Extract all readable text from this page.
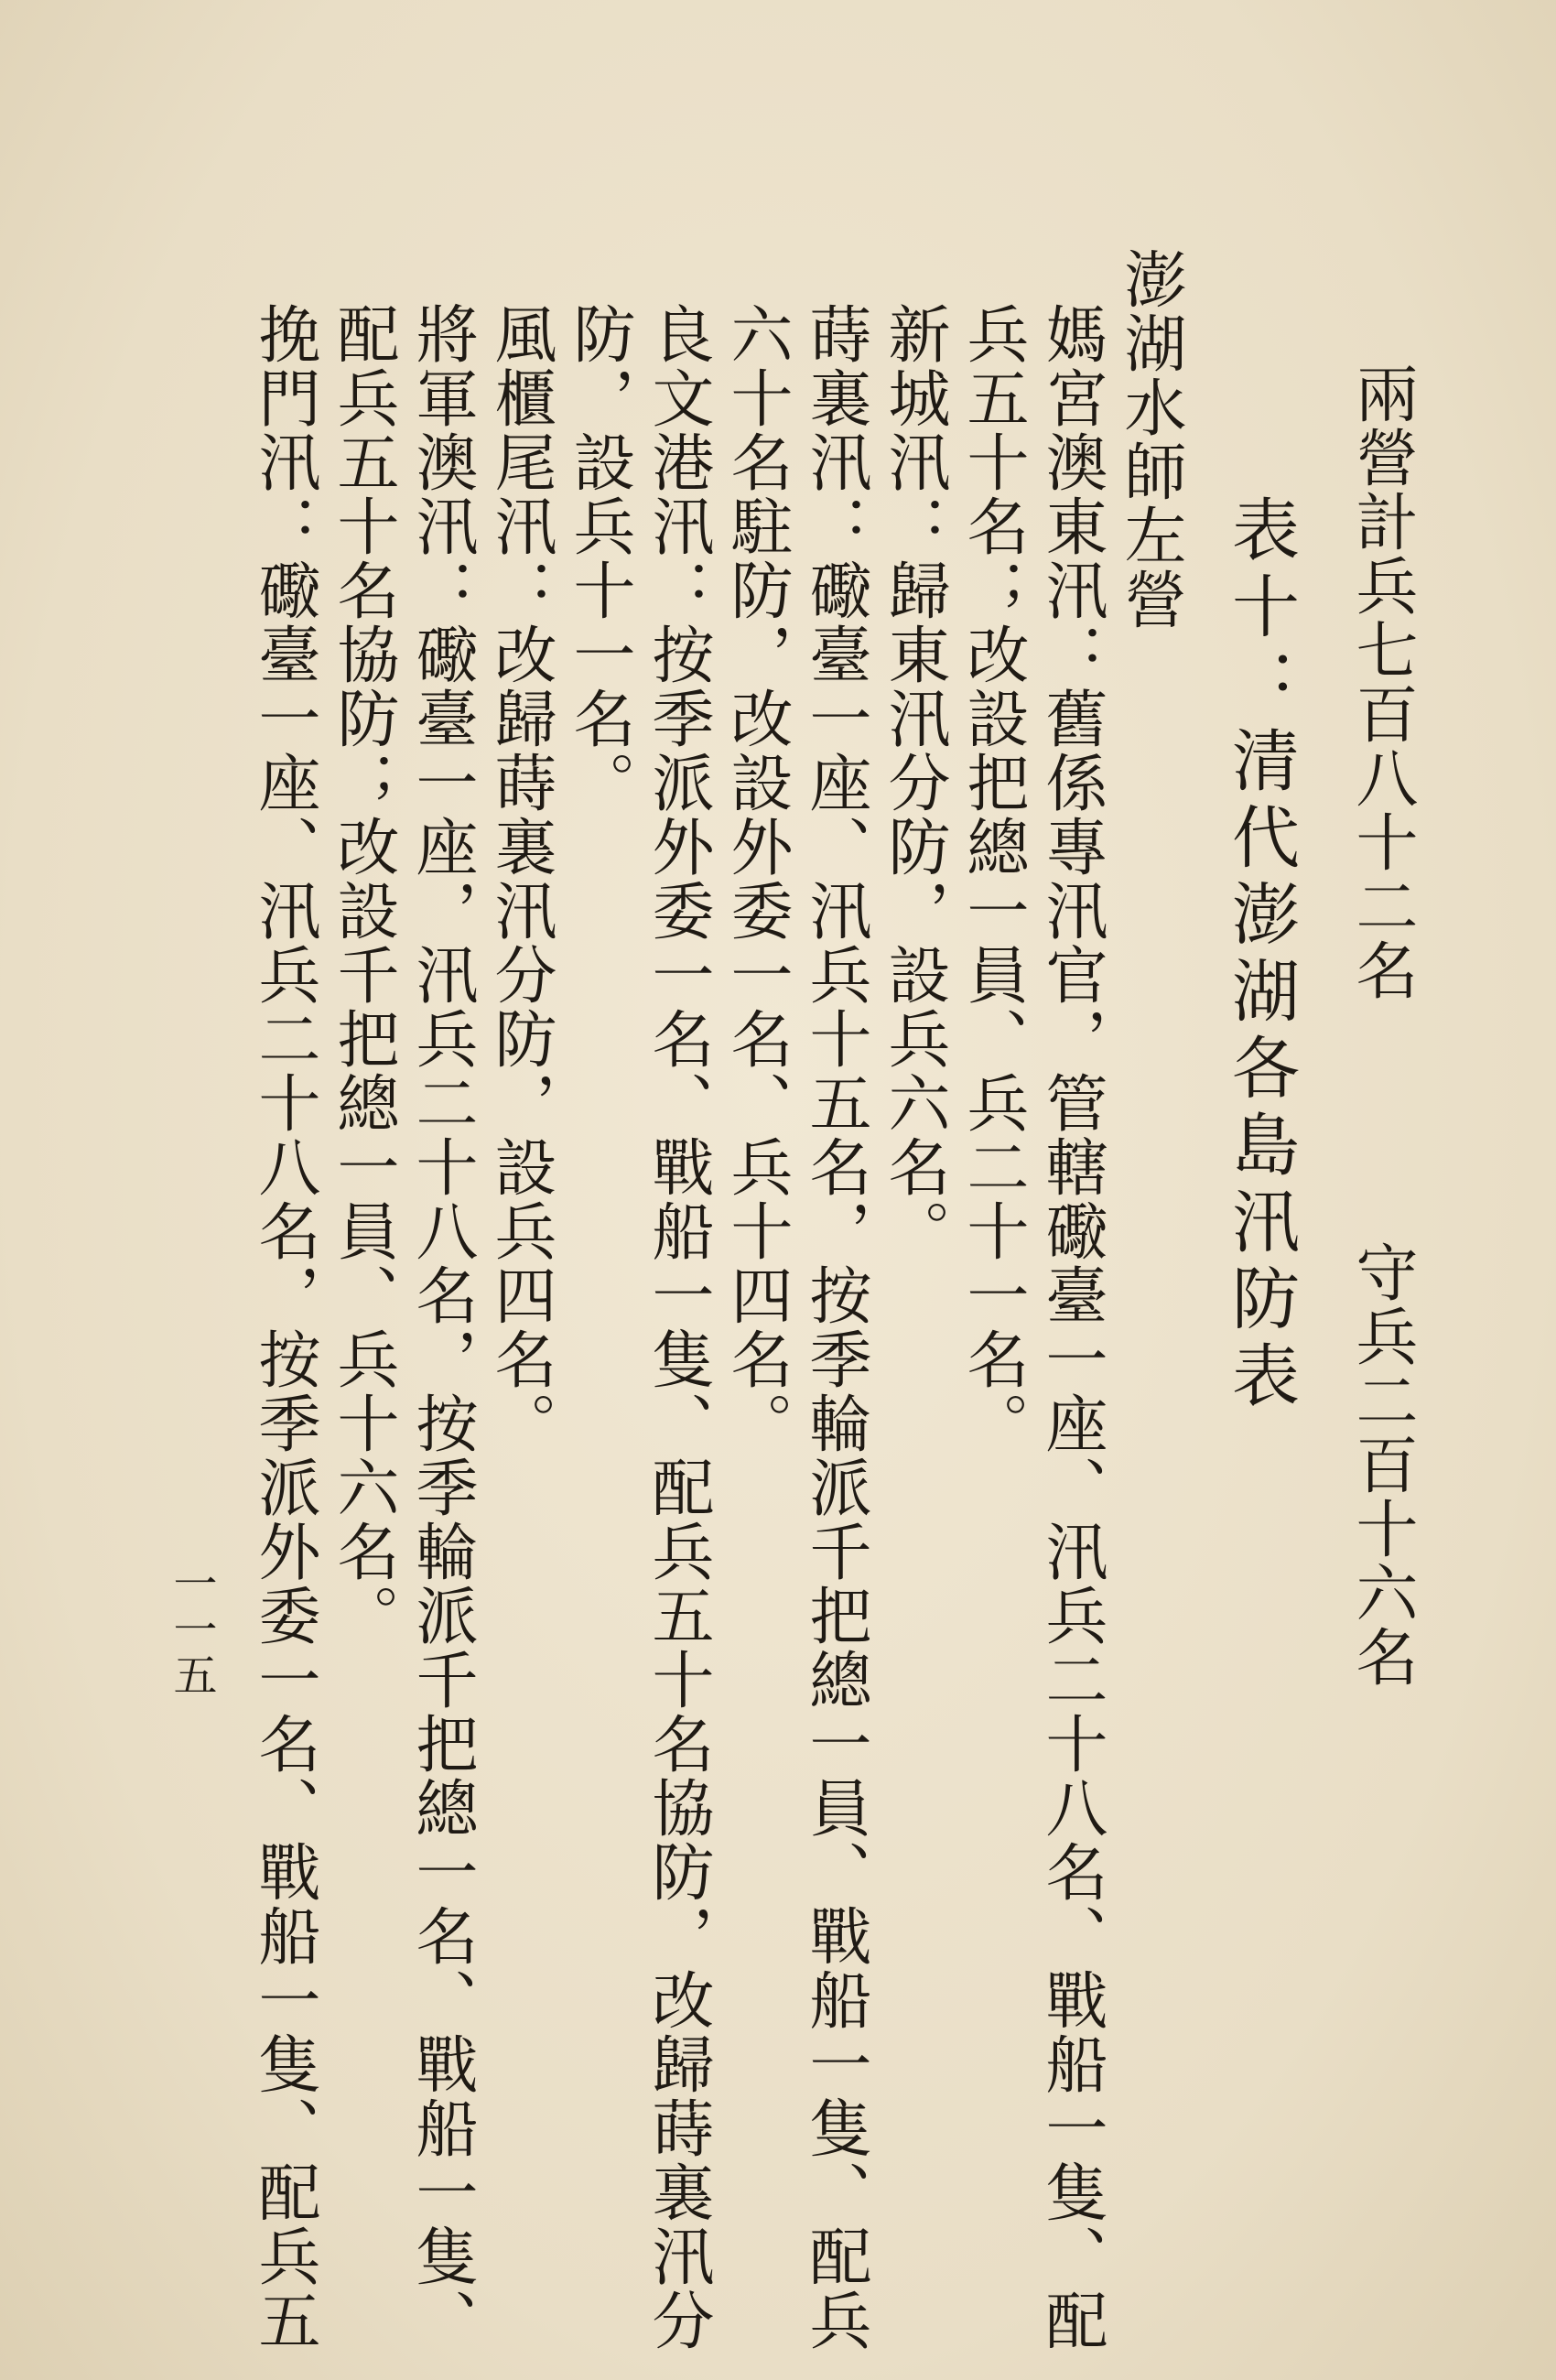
兩營計兵七百八十二名
守兵二百十六名
表十：清代澎湖各島汛防表
澎湖水師左營
媽宮澳東汛：舊係專汛官，管轄礮臺一座、汛兵二十八名、戰船一隻、配
兵五十名；改設把總一員、兵二十一名。
新城汛：歸東汛分防，設兵六名。
蒔裏汛：礮臺一座、汛兵十五名，按季輪派千把總一員、戰船一隻、配兵
六十名駐防，改設外委一名、兵十四名。
良文港汛：按季派外委一名、戰船一隻、配兵五十名協防，改歸蒔裏汛分
防，設兵十一名。
風櫃尾汛：改歸蒔裏汛分防，設兵四名。
將軍澳汛：礮臺一座，汛兵二十八名，按季輪派千把總一名、戰船一隻、
配兵五十名協防；改設千把總一員、兵十六名。
挽門汛：礮臺一座、汛兵二十八名，按季派外委一名、戰船一隻、配兵五
一一五
